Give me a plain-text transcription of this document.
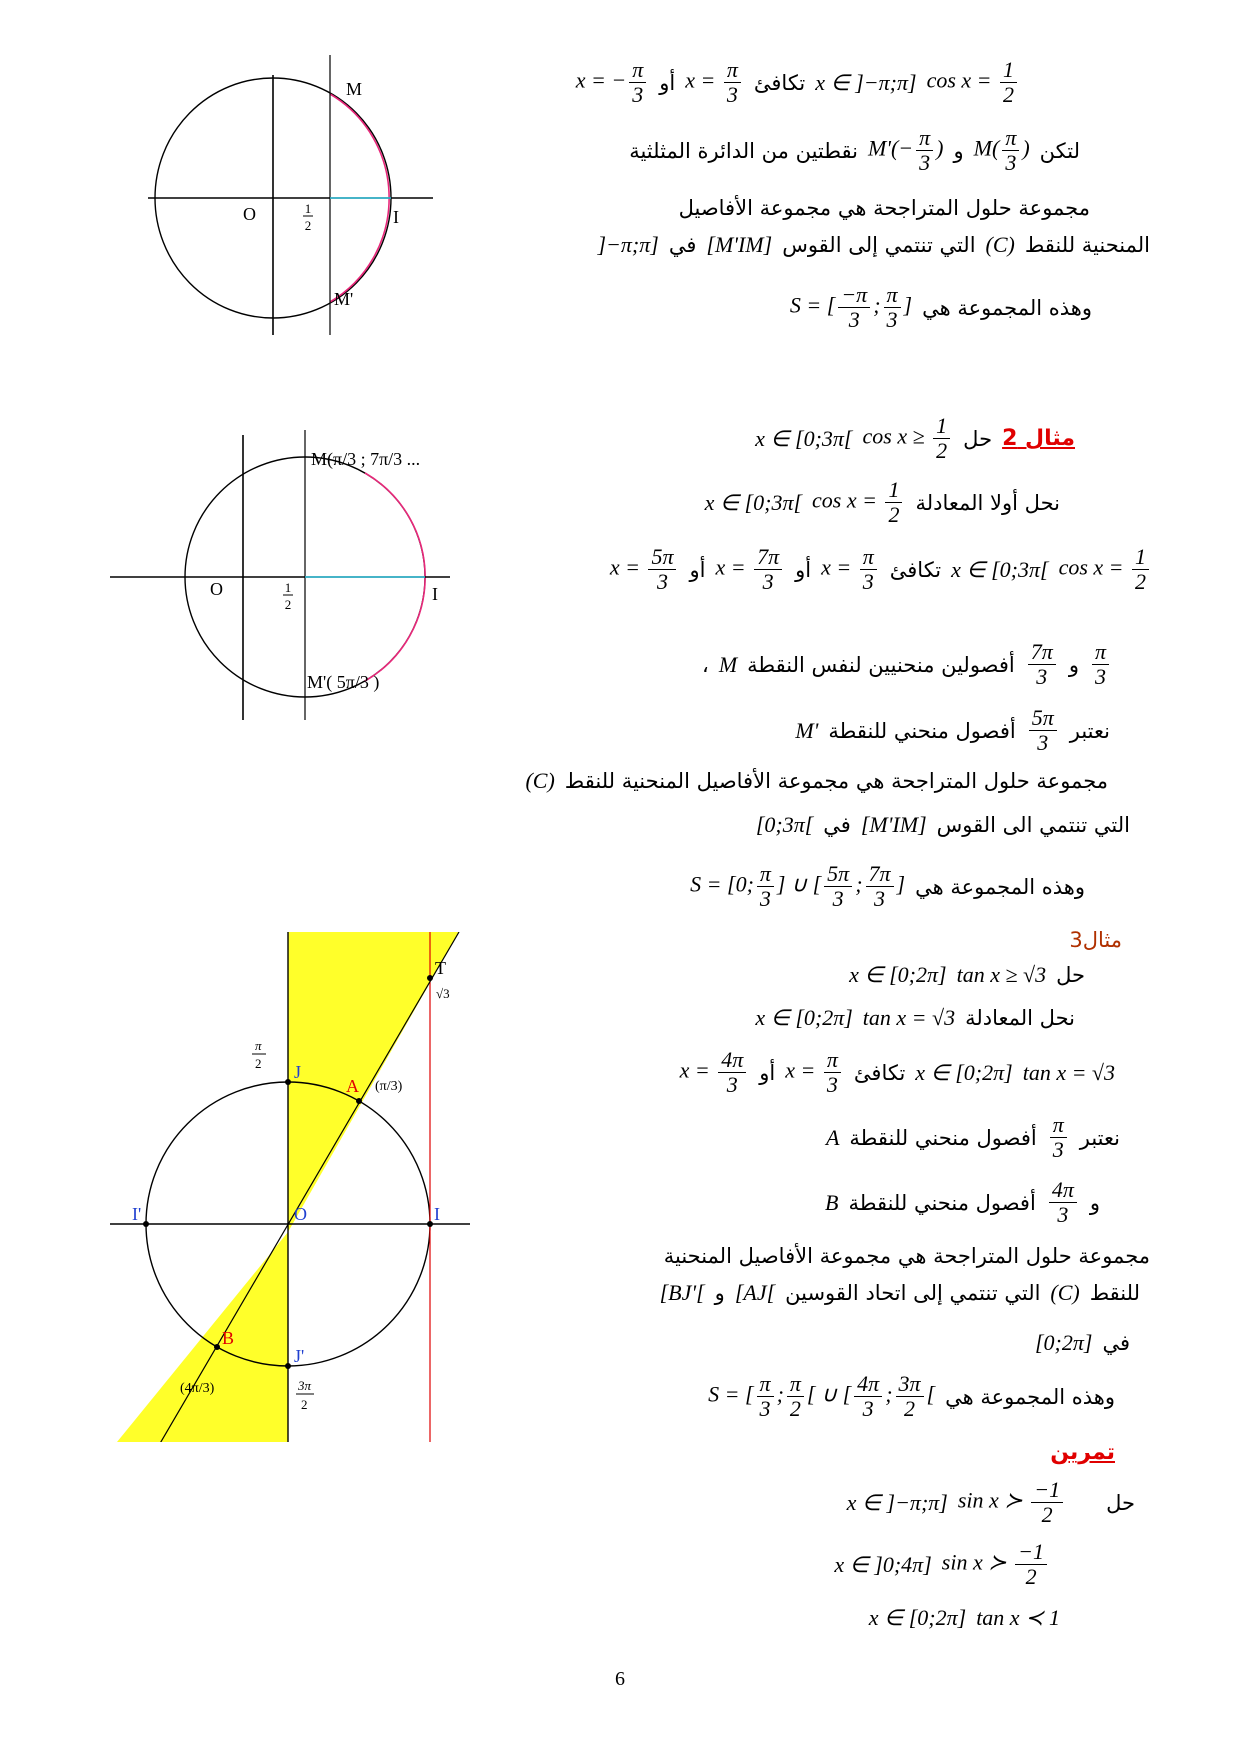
M
O	I
M'
1
2
$\cos x = \frac{1}{2}$
x ∈ ]−π;π]
تكافئ
$x = \frac{\pi}{3}$
أو
x = − $\frac{\pi}{3}$
لتكن
$M( \frac{\pi}{3}$ )
و
$M'(- \frac{\pi}{3}$ )
نقطتين من الدائرة المثلثية
مجموعة حلول المتراجحة هي مجموعة الأفاصيل
المنحنية للنقط
(C)
التي تنتمي إلى القوس
[M'IM]
في
]−π;π]
وهذه المجموعة هي
S = [ $\frac{-\pi}{3}$ ; $\frac{\pi}{3}$ ]
M(π/3 ; 7π/3 ...
O	I
M'( 5π/3 )
1
2
مثال 2
حل
$\cos x \ge \frac{1}{2}$
x ∈ [0;3π[
نحل أولا المعادلة
$\cos x = \frac{1}{2}$
x ∈ [0;3π[
$\cos x = \frac{1}{2}$
x ∈ [0;3π[
تكافئ
$x = \frac{\pi}{3}$
أو
$x = \frac{7\pi}{3}$
أو
$x = \frac{5\pi}{3}$
$\frac{\pi}{3}$
و
$\frac{7\pi}{3}$
أفصولين منحنيين لنفس النقطة
M
،
نعتبر
$\frac{5\pi}{3}$
أفصول منحني للنقطة
M'
مجموعة حلول المتراجحة هي مجموعة الأفاصيل المنحنية للنقط
(C)
التي تنتمي الى القوس
[M'IM]
في
[0;3π[
وهذه المجموعة هي
S = [0; $\frac{\pi}{3}$ ] ∪ [ $\frac{5\pi}{3}$ ; $\frac{7\pi}{3}$ ]
T
√3
π
2 J
A (π/3)
I'	O	I
B
(4π/3)
J'
3π
2
مثال3
حل
tan x ≥ √3
x ∈ [0;2π]
نحل المعادلة
tan x = √3
x ∈ [0;2π]
tan x = √3
x ∈ [0;2π]
تكافئ
$x = \frac{\pi}{3}$
أو
$x = \frac{4\pi}{3}$
نعتبر
$\frac{\pi}{3}$
أفصول منحني للنقطة
A
و
$\frac{4\pi}{3}$
أفصول منحني للنقطة
B
مجموعة حلول المتراجحة هي مجموعة الأفاصيل المنحنية
للنقط
(C)
التي تنتمي إلى اتحاد القوسين
[AJ[
و
[BJ'[
في
[0;2π]
وهذه المجموعة هي
S = [ $\frac{\pi}{3}$ ; $\frac{\pi}{2}$ [ ∪ [ $\frac{4\pi}{3}$ ; $\frac{3\pi}{2}$ [
تمرين
حل
sin x ≻ $\frac{-1}{2}$
x ∈ ]−π;π]
sin x ≻ $\frac{-1}{2}$
x ∈ ]0;4π]
tan x ≺ 1
x ∈ [0;2π]
6
